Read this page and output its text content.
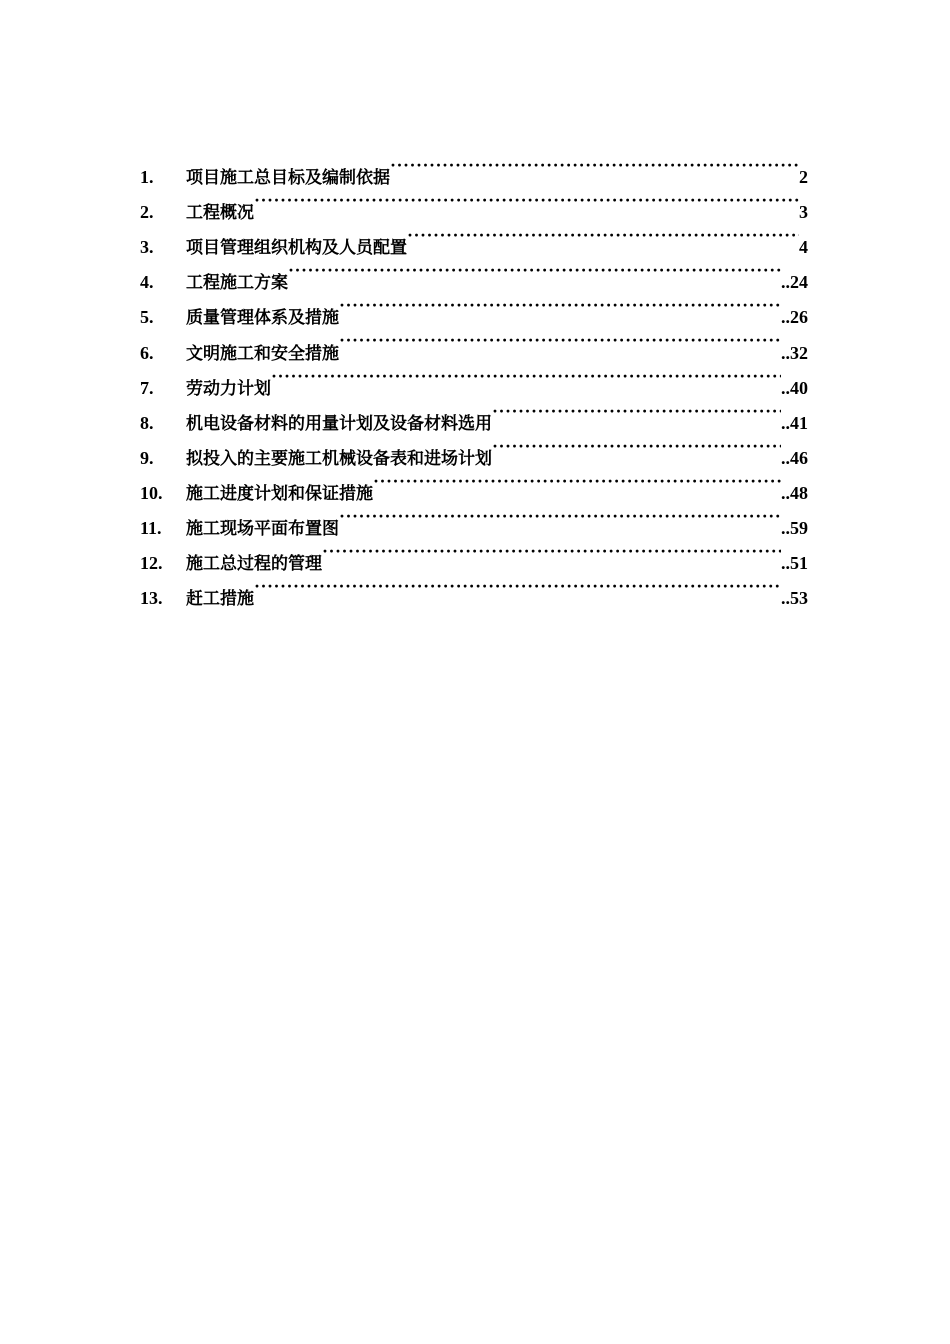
1.	项目施工总目标及编制依据 ·····	2
2.	工程概况 ·····	3
3.	项目管理组织机构及人员配置 ·····	4
4.	工程施工方案 ·····	..24
5.	质量管理体系及措施 ·····	..26
6.	文明施工和安全措施 ·····	..32
7.	劳动力计划 ·····	..40
8.	机电设备材料的用量计划及设备材料选用 ·····	..41
9.	拟投入的主要施工机械设备表和进场计划 ·····	..46
10.	施工进度计划和保证措施 ·····	..48
11.	施工现场平面布置图 ·····	..59
12.	施工总过程的管理 ·····	..51
13.	赶工措施 ·····	..53
